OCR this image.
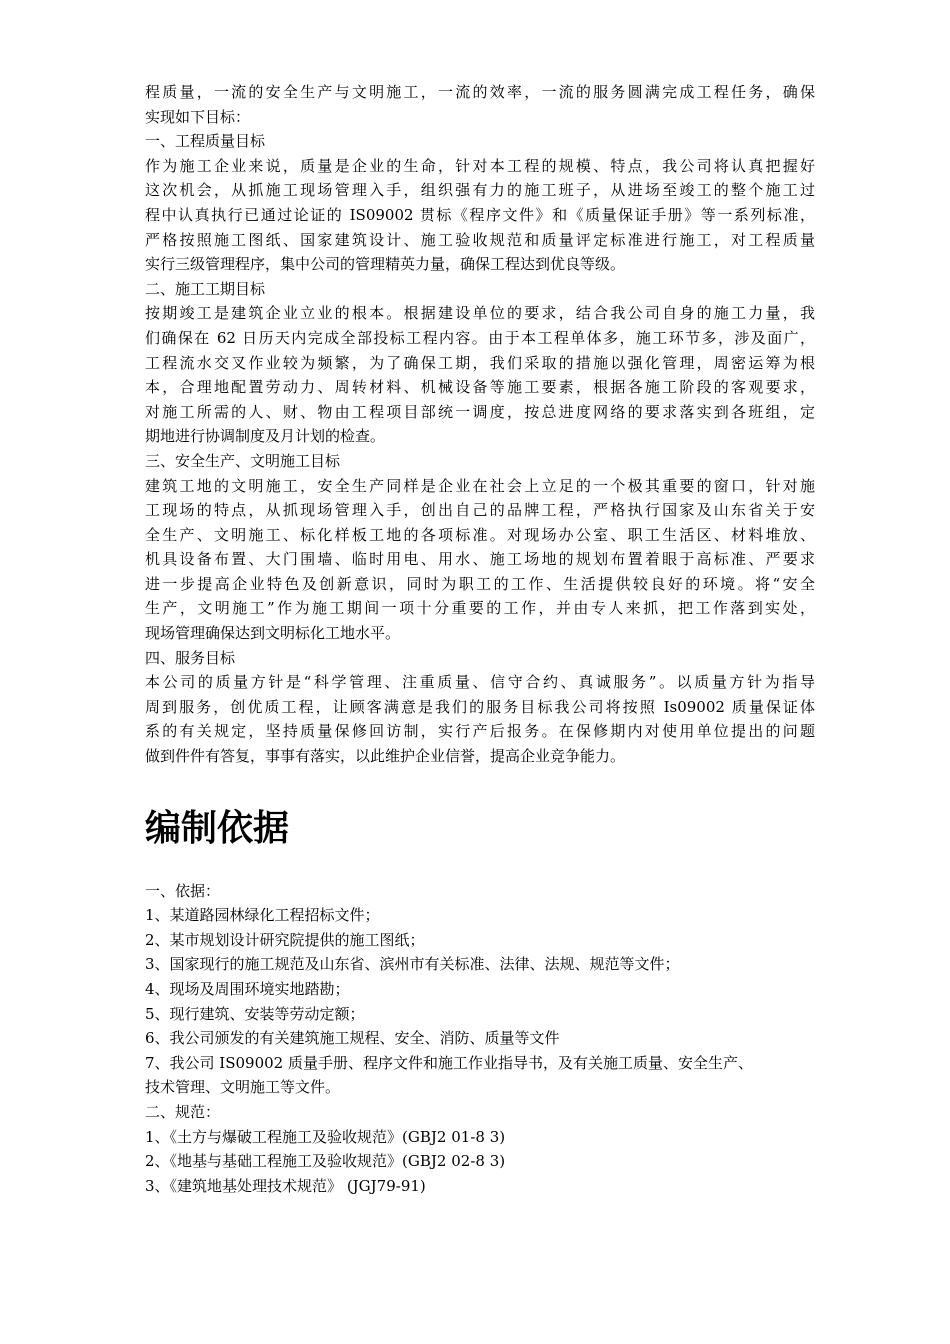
程质量，一流的安全生产与文明施工，一流的效率，一流的服务圆满完成工程任务，确保
实现如下目标：
一、工程质量目标
作为施工企业来说，质量是企业的生命，针对本工程的规模、特点，我公司将认真把握好
这次机会，从抓施工现场管理入手，组织强有力的施工班子，从进场至竣工的整个施工过
程中认真执行已通过论证的 IS09002 贯标《程序文件》和《质量保证手册》等一系列标准，
严格按照施工图纸、国家建筑设计、施工验收规范和质量评定标准进行施工，对工程质量
实行三级管理程序，集中公司的管理精英力量，确保工程达到优良等级。
二、施工工期目标
按期竣工是建筑企业立业的根本。根据建设单位的要求，结合我公司自身的施工力量，我
们确保在 62 日历天内完成全部投标工程内容。由于本工程单体多，施工环节多，涉及面广，
工程流水交叉作业较为频繁，为了确保工期，我们采取的措施以强化管理，周密运筹为根
本，合理地配置劳动力、周转材料、机械设备等施工要素，根据各施工阶段的客观要求，
对施工所需的人、财、物由工程项目部统一调度，按总进度网络的要求落实到各班组，定
期地进行协调制度及月计划的检查。
三、安全生产、文明施工目标
建筑工地的文明施工，安全生产同样是企业在社会上立足的一个极其重要的窗口，针对施
工现场的特点，从抓现场管理入手，创出自己的品牌工程，严格执行国家及山东省关于安
全生产、文明施工、标化样板工地的各项标准。对现场办公室、职工生活区、材料堆放、
机具设备布置、大门围墙、临时用电、用水、施工场地的规划布置着眼于高标准、严要求
进一步提高企业特色及创新意识，同时为职工的工作、生活提供较良好的环境。将“安全
生产，文明施工”作为施工期间一项十分重要的工作，并由专人来抓，把工作落到实处，
现场管理确保达到文明标化工地水平。
四、服务目标
本公司的质量方针是“科学管理、注重质量、信守合约、真诚服务”。以质量方针为指导
周到服务，创优质工程，让顾客满意是我们的服务目标我公司将按照 Is09002 质量保证体
系的有关规定，坚持质量保修回访制，实行产后报务。在保修期内对使用单位提出的问题
做到件件有答复，事事有落实，以此维护企业信誉，提高企业竞争能力。
编制依据
一、依据：
1、某道路园林绿化工程招标文件；
2、某市规划设计研究院提供的施工图纸；
3、国家现行的施工规范及山东省、滨州市有关标准、法律、法规、规范等文件；
4、现场及周围环境实地踏勘；
5、现行建筑、安装等劳动定额；
6、我公司颁发的有关建筑施工规程、安全、消防、质量等文件
7、我公司 IS09002 质量手册、程序文件和施工作业指导书，及有关施工质量、安全生产、
技术管理、文明施工等文件。
二、规范：
1、《土方与爆破工程施工及验收规范》(GBJ2 01-8 3)
2、《地基与基础工程施工及验收规范》(GBJ2 02-8 3)
3、《建筑地基处理技术规范》 (JGJ79-91)
